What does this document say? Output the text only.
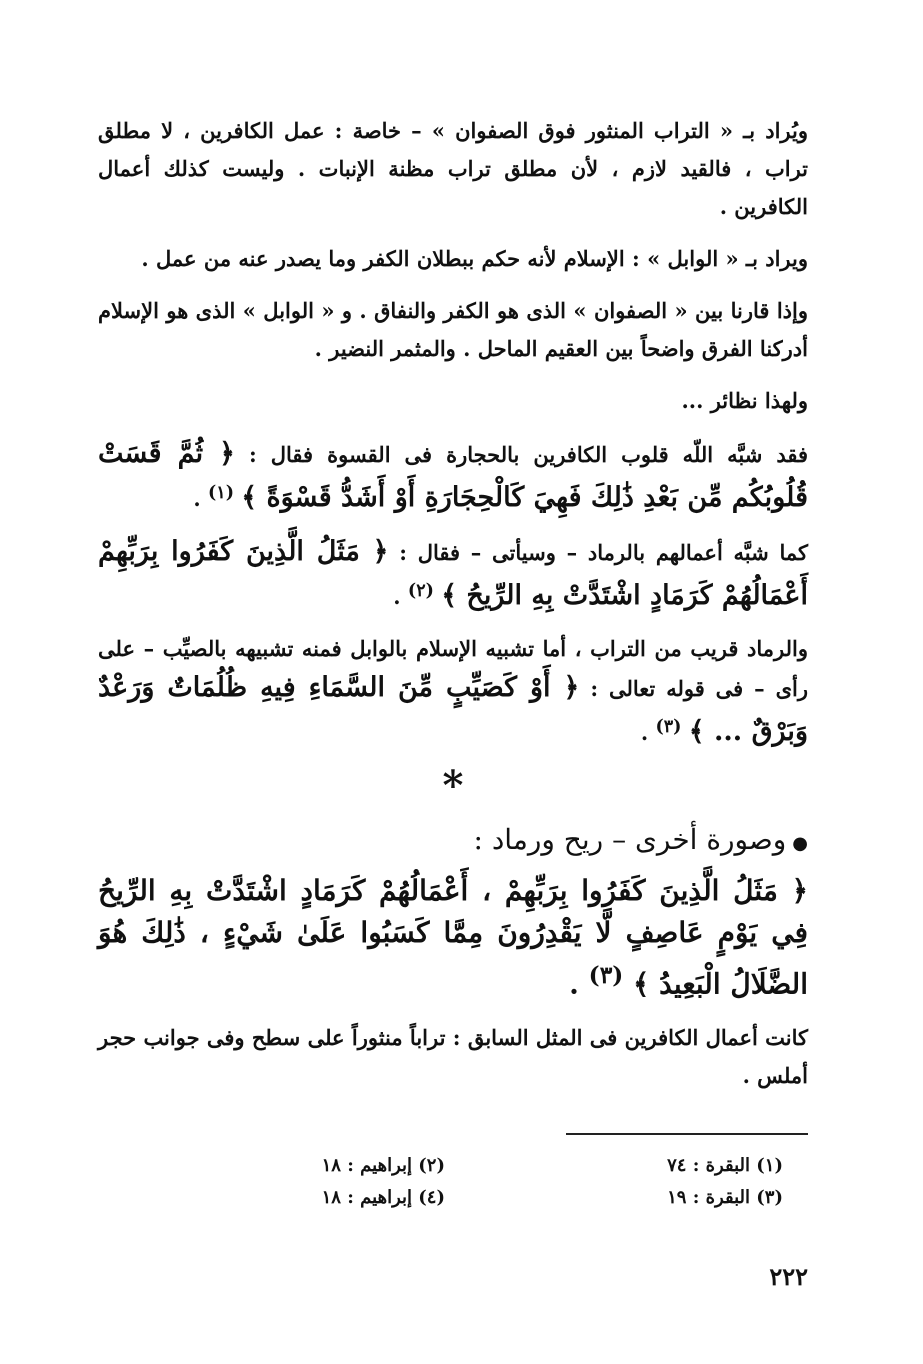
ويُراد بـ « التراب المنثور فوق الصفوان » – خاصة : عمل الكافرين ، لا مطلق تراب ، فالقيد لازم ، لأن مطلق تراب مظنة الإنبات . وليست كذلك أعمال الكافرين .

ويراد بـ « الوابل » : الإسلام لأنه حكم ببطلان الكفر وما يصدر عنه من عمل .

وإذا قارنا بين « الصفوان » الذى هو الكفر والنفاق . و « الوابل » الذى هو الإسلام أدركنا الفرق واضحاً بين العقيم الماحل . والمثمر النضير .

ولهذا نظائر ...

فقد شبَّه اللّه قلوب الكافرين بالحجارة فى القسوة فقال : ﴿ ثُمَّ قَسَتْ قُلُوبُكُم مِّن بَعْدِ ذَٰلِكَ فَهِيَ كَالْحِجَارَةِ أَوْ أَشَدُّ قَسْوَةً ﴾ $^{(١)}$ .

كما شبَّه أعمالهم بالرماد – وسيأتى – فقال : ﴿ مَثَلُ الَّذِينَ كَفَرُوا بِرَبِّهِمْ أَعْمَالُهُمْ كَرَمَادٍ اشْتَدَّتْ بِهِ الرِّيحُ ﴾ $^{(٢)}$ .

والرماد قريب من التراب ، أما تشبيه الإسلام بالوابل فمنه تشبيهه بالصيِّب – على رأى – فى قوله تعالى : ﴿ أَوْ كَصَيِّبٍ مِّنَ السَّمَاءِ فِيهِ ظُلُمَاتٌ وَرَعْدٌ وَبَرْقٌ ... ﴾ $^{(٣)}$ .

*
●وصورة أخرى – ريح ورماد :

﴿ مَثَلُ الَّذِينَ كَفَرُوا بِرَبِّهِمْ ، أَعْمَالُهُمْ كَرَمَادٍ اشْتَدَّتْ بِهِ الرِّيحُ فِي يَوْمٍ عَاصِفٍ لَّا يَقْدِرُونَ مِمَّا كَسَبُوا عَلَىٰ شَيْءٍ ، ذَٰلِكَ هُوَ الضَّلَالُ الْبَعِيدُ ﴾ $^{(٣)}$ .

كانت أعمال الكافرين فى المثل السابق : تراباً منثوراً على سطح وفى جوانب حجر أملس .

(١) البقرة : ٧٤
(٢) إبراهيم : ١٨
(٣) البقرة : ١٩
(٤) إبراهيم : ١٨
٢٢٢
